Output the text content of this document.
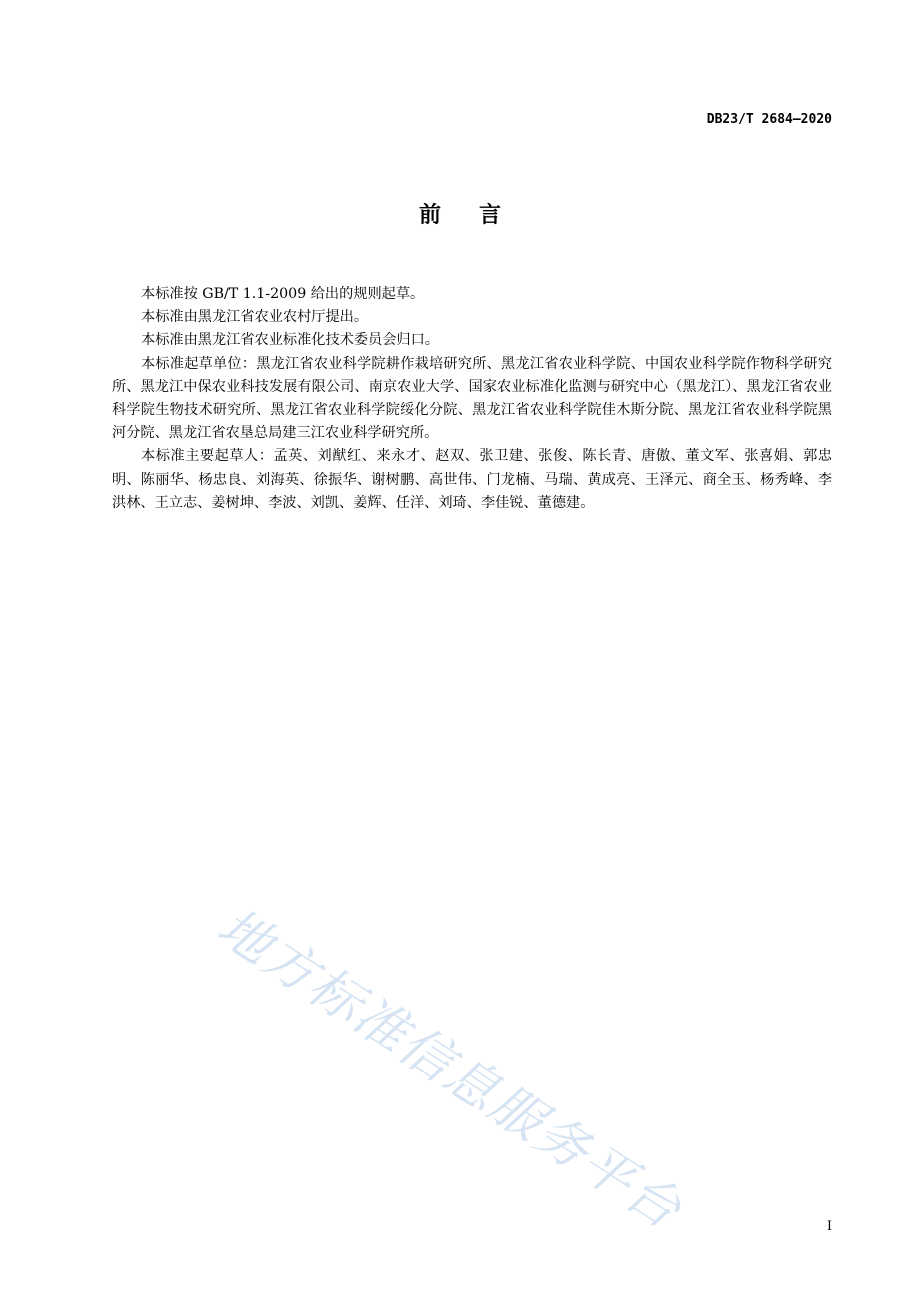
DB23/T 2684—2020
前言

本标准按 GB/T 1.1-2009 给出的规则起草。

本标准由黑龙江省农业农村厅提出。

本标准由黑龙江省农业标准化技术委员会归口。

本标准起草单位：黑龙江省农业科学院耕作栽培研究所、黑龙江省农业科学院、中国农业科学院作物科学研究所、黑龙江中保农业科技发展有限公司、南京农业大学、国家农业标准化监测与研究中心（黑龙江）、黑龙江省农业科学院生物技术研究所、黑龙江省农业科学院绥化分院、黑龙江省农业科学院佳木斯分院、黑龙江省农业科学院黑河分院、黑龙江省农垦总局建三江农业科学研究所。

本标准主要起草人：孟英、刘猷红、来永才、赵双、张卫建、张俊、陈长青、唐傲、董文军、张喜娟、郭忠明、陈丽华、杨忠良、刘海英、徐振华、谢树鹏、高世伟、门龙楠、马瑞、黄成亮、王泽元、商全玉、杨秀峰、李洪林、王立志、姜树坤、李波、刘凯、姜辉、任洋、刘琦、李佳锐、董德建。

地方标准信息服务平台	I
